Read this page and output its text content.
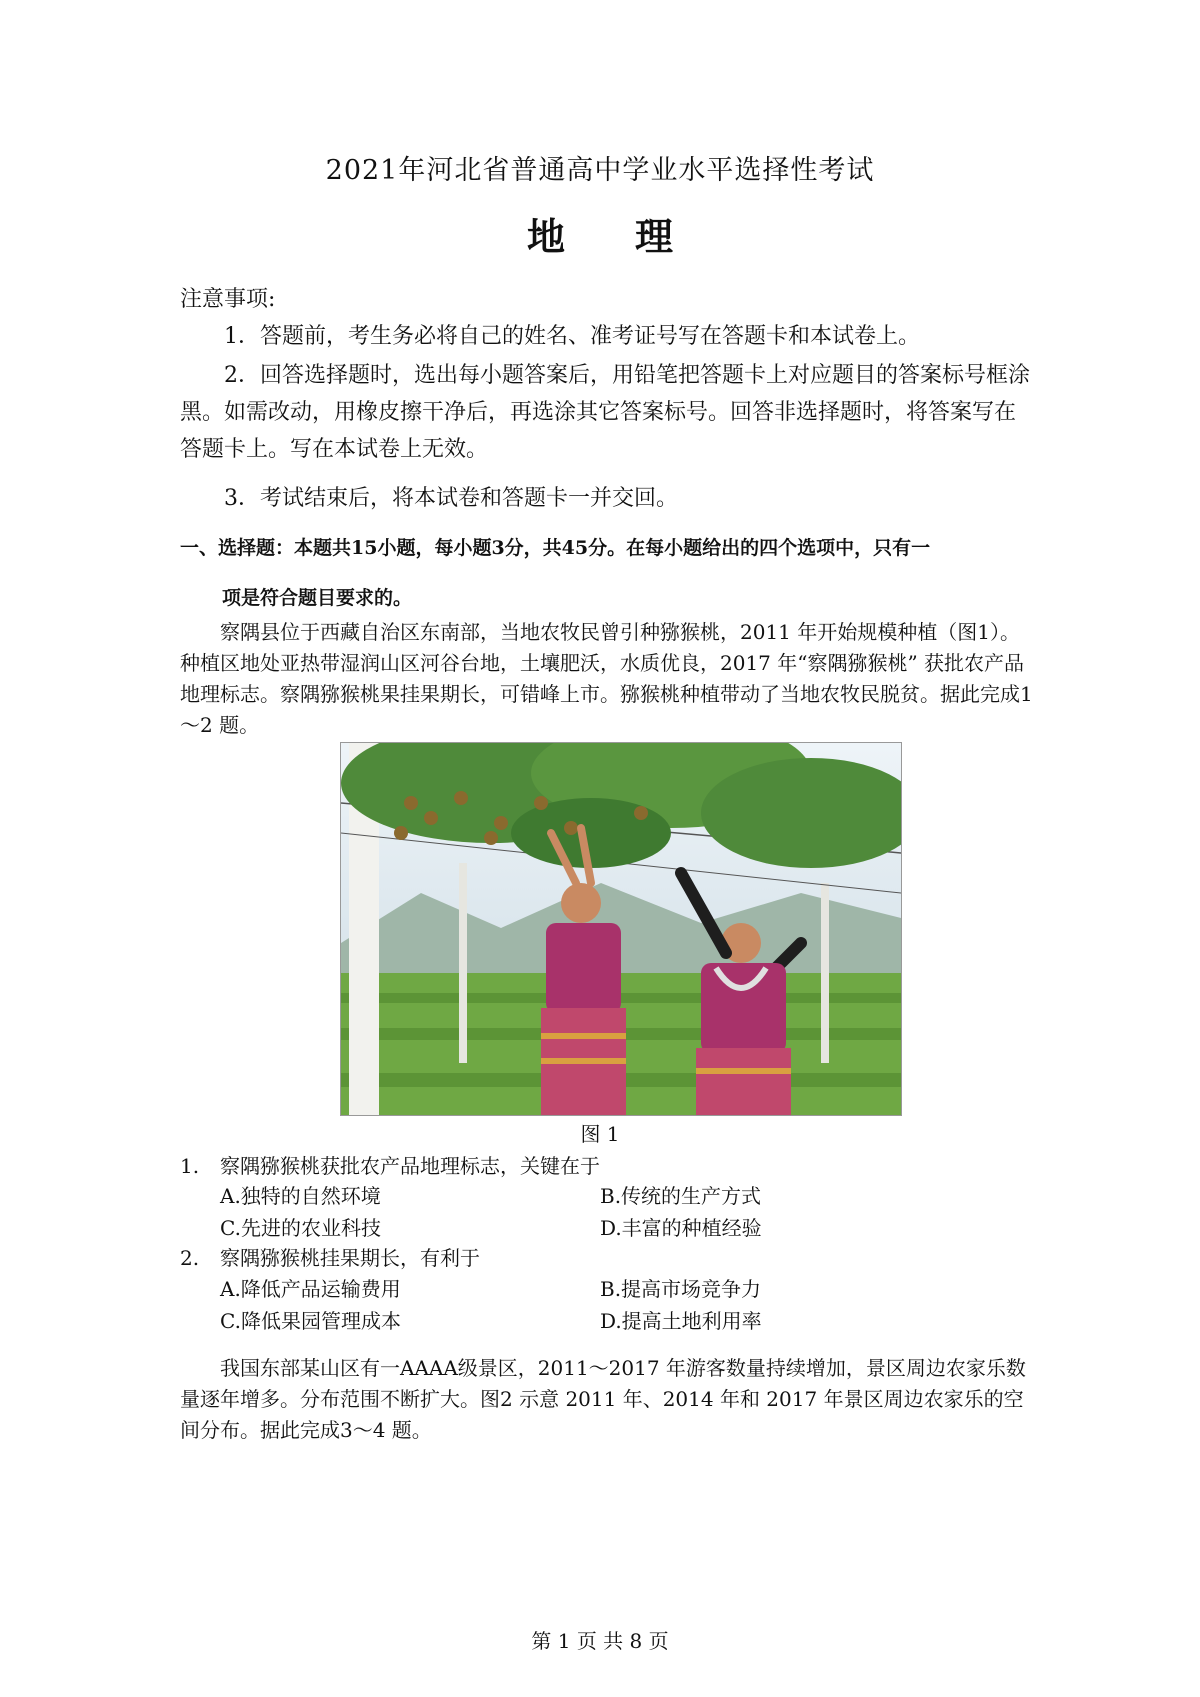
2021年河北省普通高中学业水平选择性考试
地 理
注意事项:
1．答题前，考生务必将自己的姓名、准考证号写在答题卡和本试卷上。
2．回答选择题时，选出每小题答案后，用铅笔把答题卡上对应题目的答案标号框涂黑。如需改动，用橡皮擦干净后，再选涂其它答案标号。回答非选择题时，将答案写在答题卡上。写在本试卷上无效。
3．考试结束后，将本试卷和答题卡一并交回。
一、选择题：本题共15小题，每小题3分，共45分。在每小题给出的四个选项中，只有一
项是符合题目要求的。
察隅县位于西藏自治区东南部，当地农牧民曾引种猕猴桃，2011 年开始规模种植（图1）。种植区地处亚热带湿润山区河谷台地，土壤肥沃，水质优良，2017 年“察隅猕猴桃” 获批农产品地理标志。察隅猕猴桃果挂果期长，可错峰上市。猕猴桃种植带动了当地农牧民脱贫。据此完成1～2 题。
图 1
1. 察隅猕猴桃获批农产品地理标志，关键在于
A.独特的自然环境	B.传统的生产方式
C.先进的农业科技	D.丰富的种植经验
2. 察隅猕猴桃挂果期长，有利于
A.降低产品运输费用	B.提高市场竞争力
C.降低果园管理成本	D.提高土地利用率
我国东部某山区有一AAAA级景区，2011～2017 年游客数量持续增加，景区周边农家乐数量逐年增多。分布范围不断扩大。图2 示意 2011 年、2014 年和 2017 年景区周边农家乐的空间分布。据此完成3～4 题。
第 1 页 共 8 页
